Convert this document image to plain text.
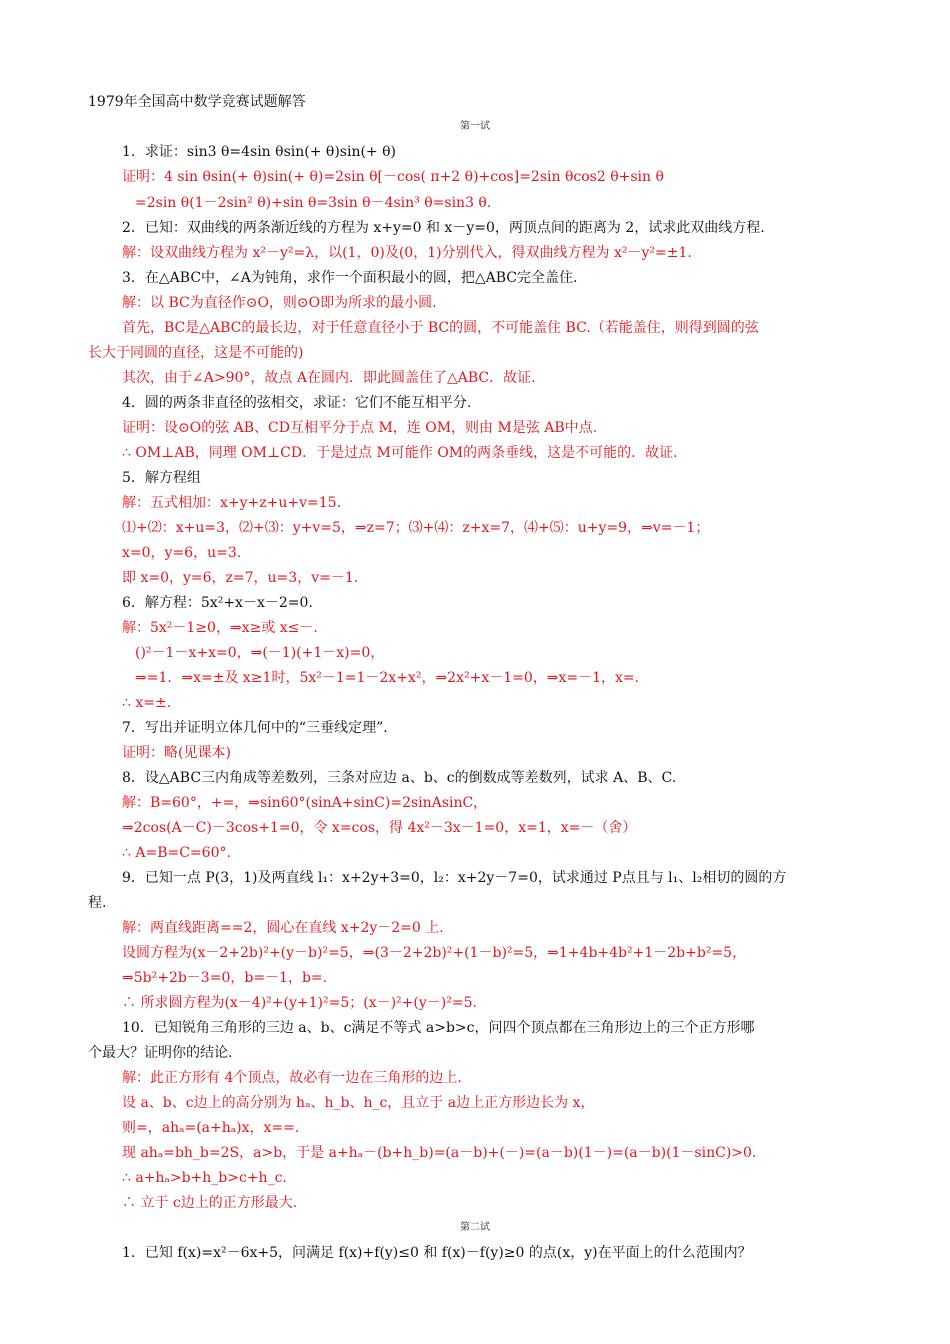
1979年全国高中数学竞赛试题解答
第一试
1．求证：sin3 θ=4sin θsin(+ θ)sin(+ θ)
证明：4 sin θsin(+ θ)sin(+ θ)=2sin θ[－cos( π+2 θ)+cos]=2sin θcos2 θ+sin θ
=2sin θ(1－2sin² θ)+sin θ=3sin θ－4sin³ θ=sin3 θ.
2．已知：双曲线的两条渐近线的方程为 x+y=0 和 x－y=0，两顶点间的距离为 2，试求此双曲线方程.
解：设双曲线方程为 x²－y²=λ，以(1，0)及(0，1)分别代入，得双曲线方程为 x²－y²=±1.
3．在△ABC中，∠A为钝角，求作一个面积最小的圆，把△ABC完全盖住.
解：以 BC为直径作⊙O，则⊙O即为所求的最小圆.
首先，BC是△ABC的最长边，对于任意直径小于 BC的圆，不可能盖住 BC.（若能盖住，则得到圆的弦
长大于同圆的直径，这是不可能的)
其次，由于∠A>90°，故点 A在圆内．即此圆盖住了△ABC．故证.
4．圆的两条非直径的弦相交，求证：它们不能互相平分.
证明：设⊙O的弦 AB、CD互相平分于点 M，连 OM，则由 M是弦 AB中点.
∴ OM⊥AB，同理 OM⊥CD．于是过点 M可能作 OM的两条垂线，这是不可能的．故证.
5．解方程组
解：五式相加：x+y+z+u+v=15.
⑴+⑵：x+u=3，⑵+⑶：y+v=5，⇒z=7；⑶+⑷：z+x=7，⑷+⑸：u+y=9，⇒v=－1；
x=0，y=6，u=3.
即 x=0，y=6，z=7，u=3，v=－1.
6．解方程：5x²+x－x－2=0.
解：5x²－1≥0，⇒x≥或 x≤－.
()²－1－x+x=0，⇒(－1)(+1－x)=0，
⇒=1．⇒x=±及 x≥1时，5x²－1=1－2x+x²，⇒2x²+x－1=0，⇒x=－1，x=.
∴ x=±.
7．写出并证明立体几何中的“三垂线定理”.
证明：略(见课本)
8．设△ABC三内角成等差数列，三条对应边 a、b、c的倒数成等差数列，试求 A、B、C.
解：B=60°，+=，⇒sin60°(sinA+sinC)=2sinAsinC，
⇒2cos(A－C)－3cos+1=0，令 x=cos，得 4x²－3x－1=0，x=1，x=－（舍）
∴ A=B=C=60°.
9．已知一点 P(3，1)及两直线 l₁：x+2y+3=0，l₂：x+2y－7=0，试求通过 P点且与 l₁、l₂相切的圆的方
程.
解：两直线距离==2，圆心在直线 x+2y－2=0 上.
设圆方程为(x－2+2b)²+(y－b)²=5，⇒(3－2+2b)²+(1－b)²=5，⇒1+4b+4b²+1－2b+b²=5，
⇒5b²+2b－3=0，b=－1，b=.
∴ 所求圆方程为(x－4)²+(y+1)²=5；(x－)²+(y－)²=5.
10．已知锐角三角形的三边 a、b、c满足不等式 a>b>c，问四个顶点都在三角形边上的三个正方形哪
个最大？证明你的结论.
解：此正方形有 4个顶点，故必有一边在三角形的边上.
设 a、b、c边上的高分别为 hₐ、h_b、h_c，且立于 a边上正方形边长为 x，
则=，ahₐ=(a+hₐ)x，x==.
现 ahₐ=bh_b=2S，a>b，于是 a+hₐ－(b+h_b)=(a－b)+(－)=(a－b)(1－)=(a－b)(1－sinC)>0.
∴ a+hₐ>b+h_b>c+h_c.
∴ 立于 c边上的正方形最大.
1．已知 f(x)=x²－6x+5，问满足 f(x)+f(y)≤0 和 f(x)－f(y)≥0 的点(x，y)在平面上的什么范围内？
第二试
